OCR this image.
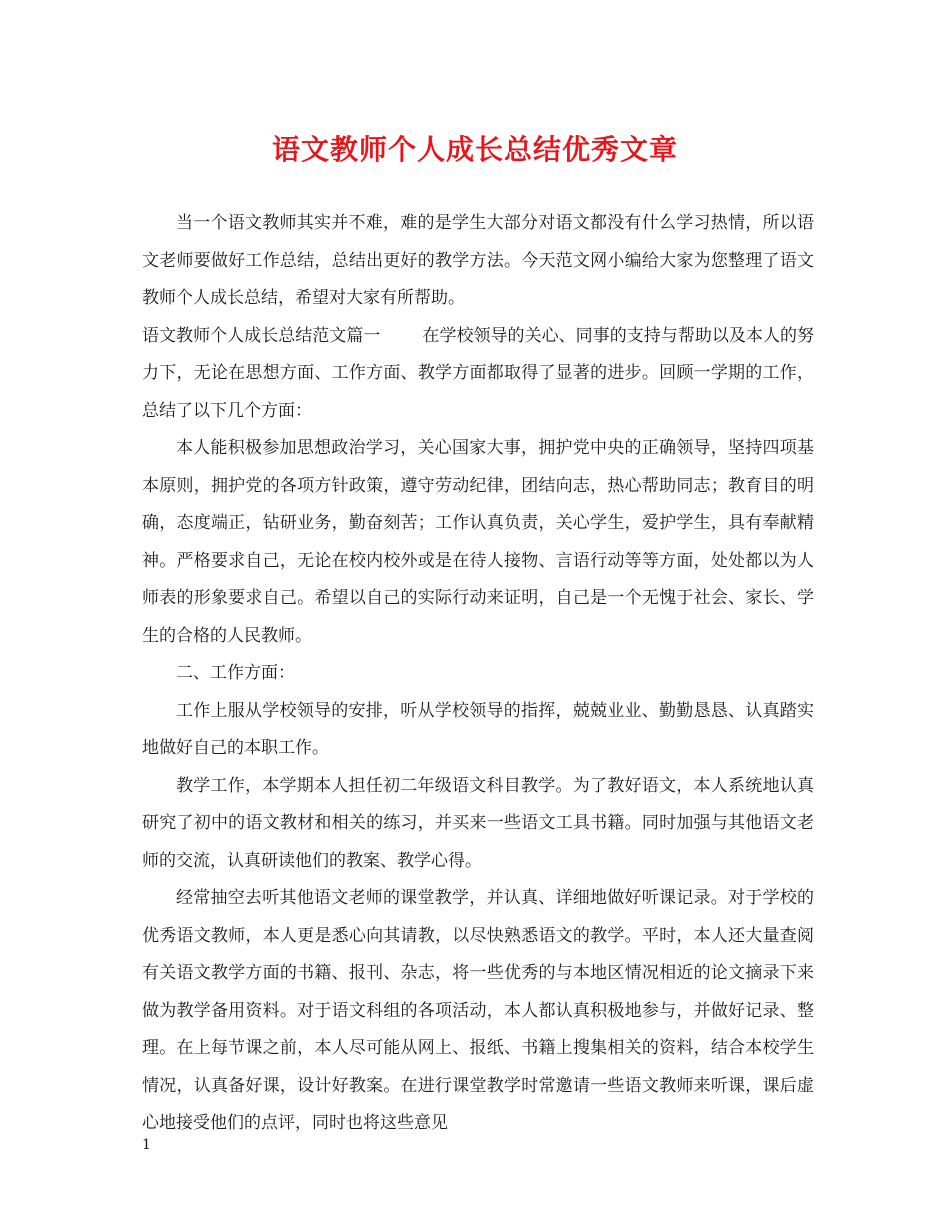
语文教师个人成长总结优秀文章

当一个语文教师其实并不难，难的是学生大部分对语文都没有什么学习热情，所以语文老师要做好工作总结，总结出更好的教学方法。今天范文网小编给大家为您整理了语文教师个人成长总结，希望对大家有所帮助。

语文教师个人成长总结范文篇一 在学校领导的关心、同事的支持与帮助以及本人的努力下，无论在思想方面、工作方面、教学方面都取得了显著的进步。回顾一学期的工作，总结了以下几个方面：

本人能积极参加思想政治学习，关心国家大事，拥护党中央的正确领导，坚持四项基本原则，拥护党的各项方针政策，遵守劳动纪律，团结向志，热心帮助同志；教育目的明确，态度端正，钻研业务，勤奋刻苦；工作认真负责，关心学生，爱护学生，具有奉献精神。严格要求自己，无论在校内校外或是在待人接物、言语行动等等方面，处处都以为人师表的形象要求自己。希望以自己的实际行动来证明，自己是一个无愧于社会、家长、学生的合格的人民教师。

二、工作方面：

工作上服从学校领导的安排，听从学校领导的指挥，兢兢业业、勤勤恳恳、认真踏实地做好自己的本职工作。

教学工作，本学期本人担任初二年级语文科目教学。为了教好语文，本人系统地认真研究了初中的语文教材和相关的练习，并买来一些语文工具书籍。同时加强与其他语文老师的交流，认真研读他们的教案、教学心得。

经常抽空去听其他语文老师的课堂教学，并认真、详细地做好听课记录。对于学校的优秀语文教师，本人更是悉心向其请教，以尽快熟悉语文的教学。平时，本人还大量查阅有关语文教学方面的书籍、报刊、杂志，将一些优秀的与本地区情况相近的论文摘录下来做为教学备用资料。对于语文科组的各项活动，本人都认真积极地参与，并做好记录、整理。在上每节课之前，本人尽可能从网上、报纸、书籍上搜集相关的资料，结合本校学生情况，认真备好课，设计好教案。在进行课堂教学时常邀请一些语文教师来听课，课后虚心地接受他们的点评，同时也将这些意见

1
